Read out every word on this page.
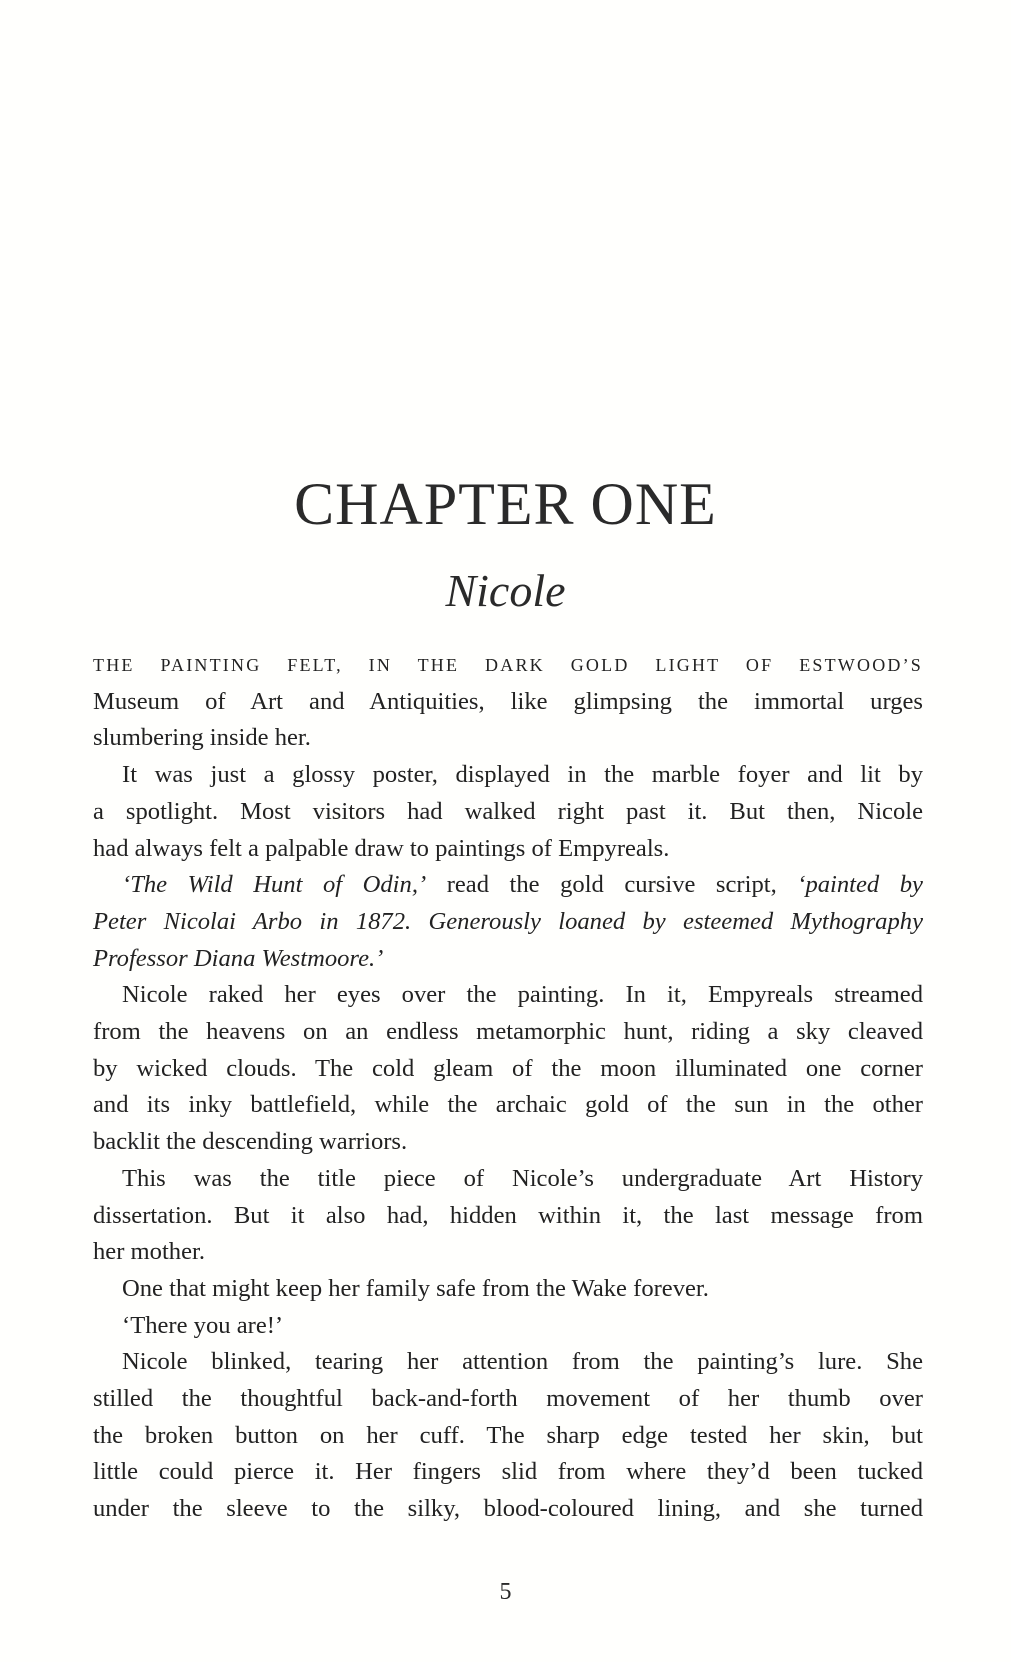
CHAPTER ONE
Nicole
THE PAINTING FELT, IN THE DARK GOLD LIGHT OF ESTWOOD’S
Museum of Art and Antiquities, like glimpsing the immortal urges
slumbering inside her.
It was just a glossy poster, displayed in the marble foyer and lit by
a spotlight. Most visitors had walked right past it. But then, Nicole
had always felt a palpable draw to paintings of Empyreals.
‘The Wild Hunt of Odin,’ read the gold cursive script, ‘painted by
Peter Nicolai Arbo in 1872. Generously loaned by esteemed Mythography
Professor Diana Westmoore.’
Nicole raked her eyes over the painting. In it, Empyreals streamed
from the heavens on an endless metamorphic hunt, riding a sky cleaved
by wicked clouds. The cold gleam of the moon illuminated one corner
and its inky battlefield, while the archaic gold of the sun in the other
backlit the descending warriors.
This was the title piece of Nicole’s undergraduate Art History
dissertation. But it also had, hidden within it, the last message from
her mother.
One that might keep her family safe from the Wake forever.
‘There you are!’
Nicole blinked, tearing her attention from the painting’s lure. She
stilled the thoughtful back-and-forth movement of her thumb over
the broken button on her cuff. The sharp edge tested her skin, but
little could pierce it. Her fingers slid from where they’d been tucked
under the sleeve to the silky, blood-coloured lining, and she turned
5
